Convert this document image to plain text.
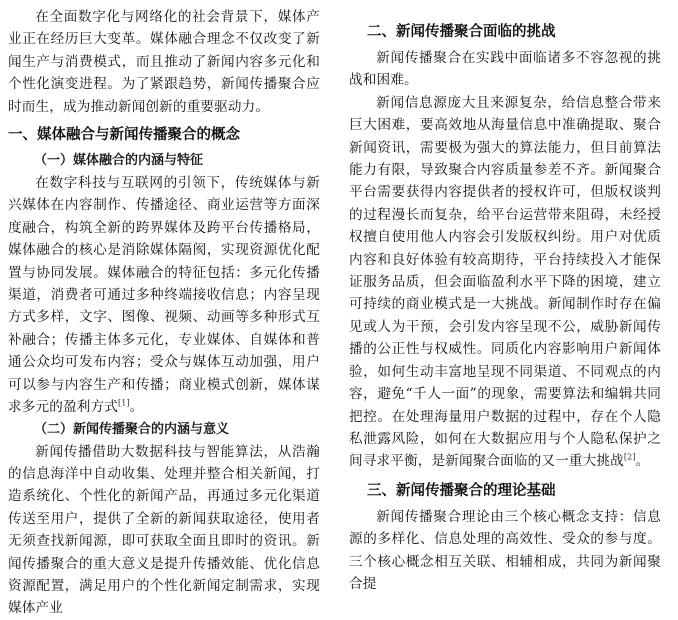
在全面数字化与网络化的社会背景下，媒体产业正在经历巨大变革。媒体融合理念不仅改变了新闻生产与消费模式，而且推动了新闻内容多元化和个性化演变进程。为了紧跟趋势，新闻传播聚合应时而生，成为推动新闻创新的重要驱动力。

一、媒体融合与新闻传播聚合的概念
（一）媒体融合的内涵与特征

在数字科技与互联网的引领下，传统媒体与新兴媒体在内容制作、传播途径、商业运营等方面深度融合，构筑全新的跨界媒体及跨平台传播格局，媒体融合的核心是消除媒体隔阂，实现资源优化配置与协同发展。媒体融合的特征包括：多元化传播渠道，消费者可通过多种终端接收信息；内容呈现方式多样，文字、图像、视频、动画等多种形式互补融合；传播主体多元化，专业媒体、自媒体和普通公众均可发布内容；受众与媒体互动加强，用户可以参与内容生产和传播；商业模式创新，媒体谋求多元的盈利方式[1]。

（二）新闻传播聚合的内涵与意义

新闻传播借助大数据科技与智能算法，从浩瀚的信息海洋中自动收集、处理并整合相关新闻，打造系统化、个性化的新闻产品，再通过多元化渠道传送至用户，提供了全新的新闻获取途径，使用者无须查找新闻源，即可获取全面且即时的资讯。新闻传播聚合的重大意义是提升传播效能、优化信息资源配置，满足用户的个性化新闻定制需求，实现媒体产业

二、新闻传播聚合面临的挑战

新闻传播聚合在实践中面临诸多不容忽视的挑战和困难。

新闻信息源庞大且来源复杂，给信息整合带来巨大困难，要高效地从海量信息中准确提取、聚合新闻资讯，需要极为强大的算法能力，但目前算法能力有限，导致聚合内容质量参差不齐。新闻聚合平台需要获得内容提供者的授权许可，但版权谈判的过程漫长而复杂，给平台运营带来阻碍，未经授权擅自使用他人内容会引发版权纠纷。用户对优质内容和良好体验有较高期待，平台持续投入才能保证服务品质，但会面临盈利水平下降的困境，建立可持续的商业模式是一大挑战。新闻制作时存在偏见或人为干预，会引发内容呈现不公，威胁新闻传播的公正性与权威性。同质化内容影响用户新闻体验，如何生动丰富地呈现不同渠道、不同观点的内容，避免“千人一面”的现象，需要算法和编辑共同把控。在处理海量用户数据的过程中，存在个人隐私泄露风险，如何在大数据应用与个人隐私保护之间寻求平衡，是新闻聚合面临的又一重大挑战[2]。

三、新闻传播聚合的理论基础

新闻传播聚合理论由三个核心概念支持：信息源的多样化、信息处理的高效性、受众的参与度。三个核心概念相互关联、相辅相成，共同为新闻聚合提
